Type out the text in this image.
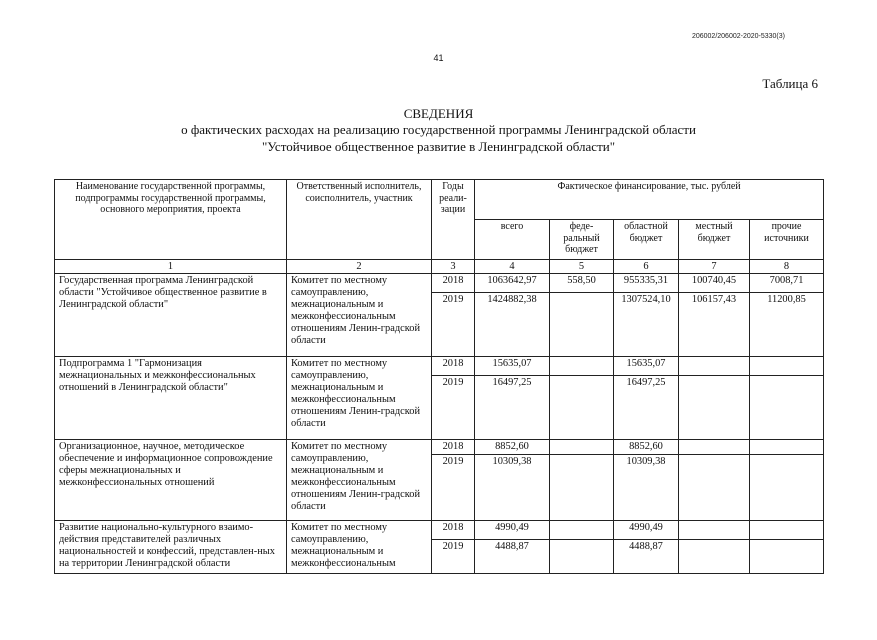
206002/206002-2020-5330(3)
41
Таблица 6
СВЕДЕНИЯ
о фактических расходах на реализацию государственной программы Ленинградской области
"Устойчивое общественное развитие в Ленинградской области"
Наименование государственной программы, подпрограммы государственной программы, основного мероприятия, проекта	Ответственный исполнитель, соисполнитель, участник	Годы реали-зации	Фактическое финансирование, тыс. рублей				
			всего	феде-ральный бюджет	областной бюджет	местный бюджет	прочие источники
1	2	3	4	5	6	7	8
Государственная программа Ленинградской области "Устойчивое общественное развитие в Ленинградской области"	Комитет по местному самоуправлению, межнациональным и межконфессиональным отношениям Ленин-градской области	2018	1063642,97	558,50	955335,31	100740,45	7008,71
		2019	1424882,38		1307524,10	106157,43	11200,85
Подпрограмма 1 "Гармонизация межнациональных и межконфессиональных отношений в Ленинградской области"	Комитет по местному самоуправлению, межнациональным и межконфессиональным отношениям Ленин-градской области	2018	15635,07		15635,07		
		2019	16497,25		16497,25		
Организационное, научное, методическое обеспечение и информационное сопровождение сферы межнациональных и межконфессиональных отношений	Комитет по местному самоуправлению, межнациональным и межконфессиональным отношениям Ленин-градской области	2018	8852,60		8852,60		
		2019	10309,38		10309,38		
Развитие национально-культурного взаимо-действия представителей различных национальностей и конфессий, представлен-ных на территории Ленинградской области	Комитет по местному самоуправлению, межнациональным и межконфессиональным	2018	4990,49		4990,49		
		2019	4488,87		4488,87		
